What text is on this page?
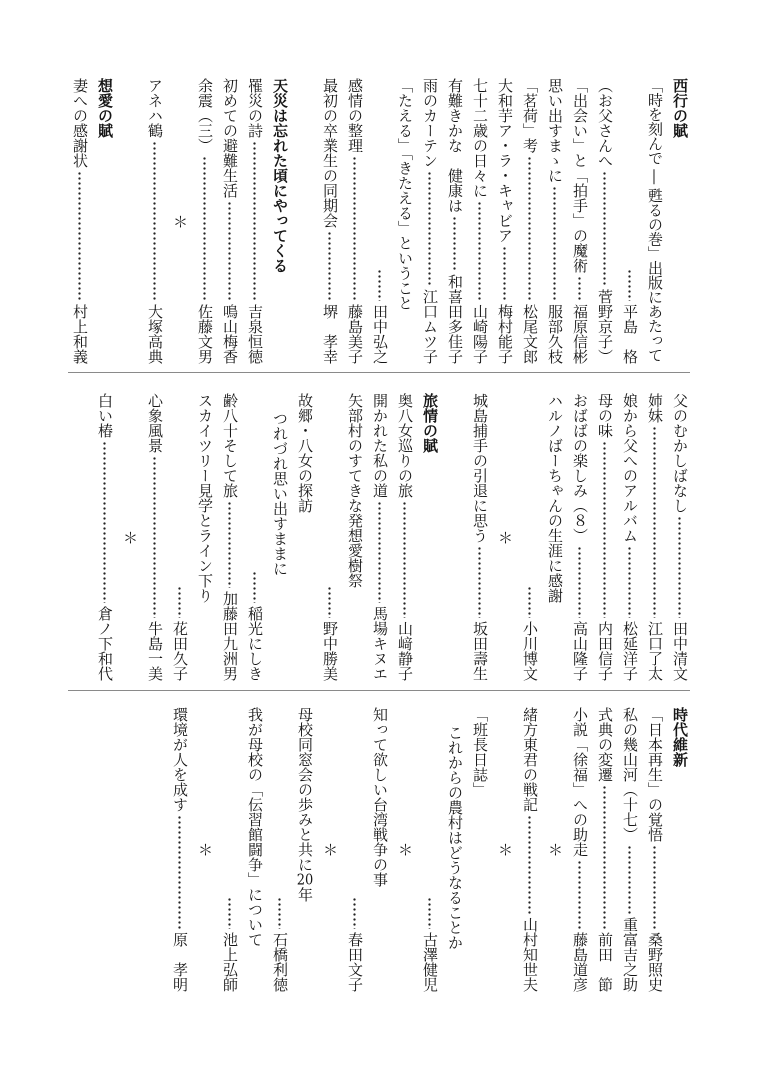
西行の賦
「時を刻んで ― 甦るの巻」出版にあたって
平島　格
（お父さんへ
菅野京子）
「出会い」と「拍手」の魔術
福原信彬
思い出すまゝに
服部久枝
「茗荷」考
松尾文郎
大和芋ア・ラ・キャビア
梅村能子
七十二歳の日々に
山崎陽子
有難きかな　健康は
和喜田多佳子
雨のカーテン
江口ムツ子
「たえる」「きたえる」ということ
田中弘之
感情の整理
藤島美子
最初の卒業生の同期会
堺　孝幸
天災は忘れた頃にやってくる
罹災の詩
吉泉恒徳
初めての避難生活
鳴山梅香
余震（三）
佐藤文男
＊
アネハ鶴
大塚高典
想愛の賦
妻への感謝状
村上和義
父のむかしばなし
田中清文
姉妹
江口了太
娘から父へのアルバム
松延洋子
母の味
内田信子
おばばの楽しみ（８）
高山隆子
ハルノばーちゃんの生涯に感謝
小川博文
＊
城島捕手の引退に思う
坂田壽生
旅情の賦
奥八女巡りの旅
山﨑静子
開かれた私の道
馬場キヌエ
矢部村のすてきな発想愛樹祭
野中勝美
故郷・八女の探訪
つれづれ思い出すままに
稲光にしき
齢八十そして旅
加藤田九洲男
スカイツリー見学とライン下り
花田久子
心象風景
牛島一美
＊
白い椿
倉ノ下和代
時代維新
「日本再生」の覚悟
桑野照史
私の幾山河（十七）
重富吉之助
式典の変遷
前田　節
小説「徐福」への助走
藤島道彦
＊
緒方東君の戦記
山村知世夫
＊
「班長日誌」
これからの農村はどうなることか
古澤健児
＊
知って欲しい台湾戦争の事
春田文子
＊
母校同窓会の歩みと共に20年
石橋利徳
我が母校の「伝習館闘争」について
池上弘師
＊
環境が人を成す
原　孝明
